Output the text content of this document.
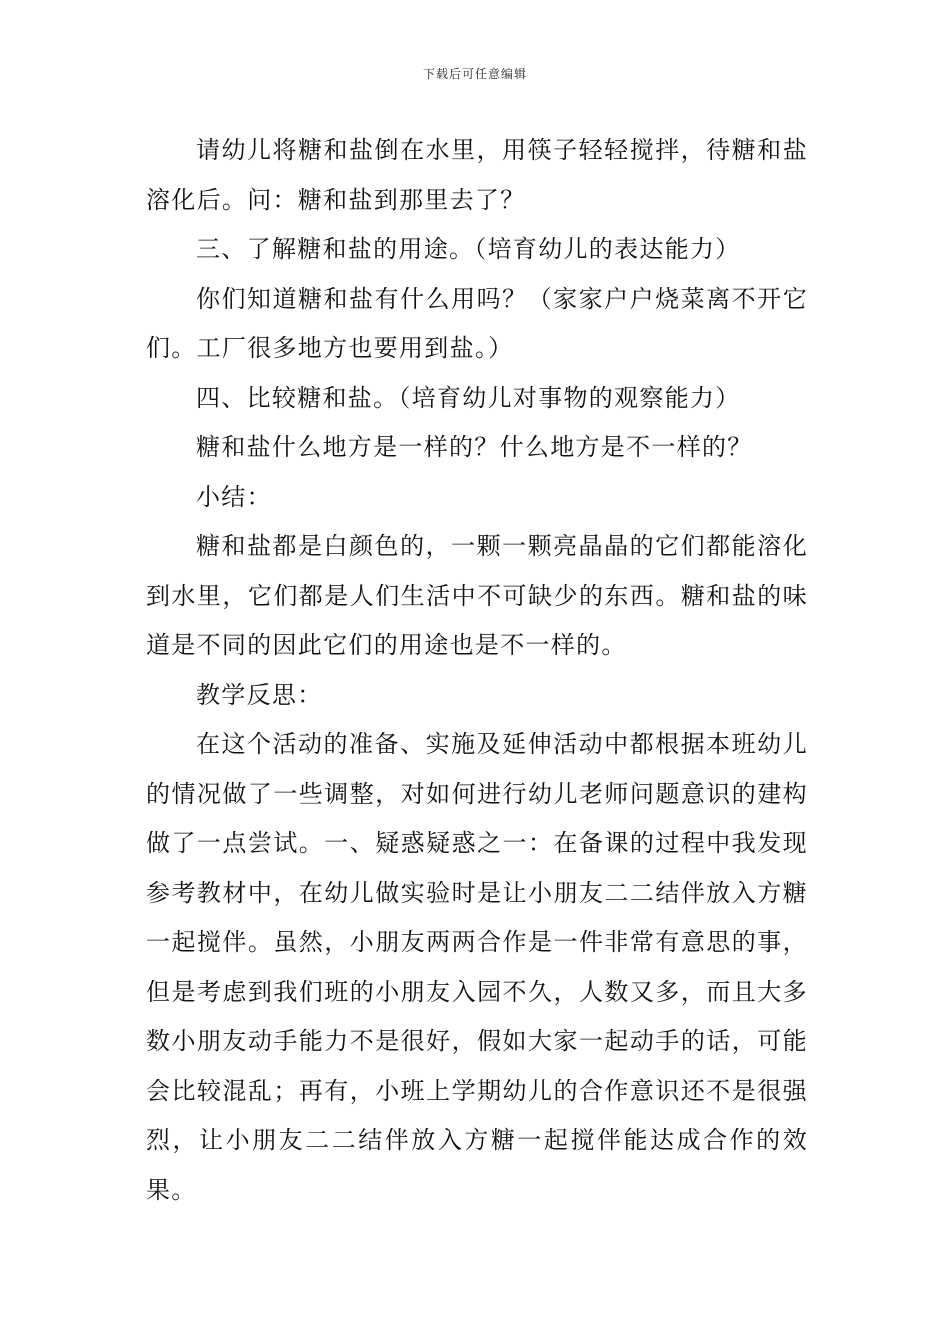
下载后可任意编辑

请幼儿将糖和盐倒在水里，用筷子轻轻搅拌，待糖和盐溶化后。问：糖和盐到那里去了？

三、了解糖和盐的用途。（培育幼儿的表达能力）

你们知道糖和盐有什么用吗？（家家户户烧菜离不开它们。工厂很多地方也要用到盐。）

四、比较糖和盐。（培育幼儿对事物的观察能力）

糖和盐什么地方是一样的？什么地方是不一样的？

小结：

糖和盐都是白颜色的，一颗一颗亮晶晶的它们都能溶化到水里，它们都是人们生活中不可缺少的东西。糖和盐的味道是不同的因此它们的用途也是不一样的。

教学反思：

在这个活动的准备、实施及延伸活动中都根据本班幼儿的情况做了一些调整，对如何进行幼儿老师问题意识的建构做了一点尝试。一、疑惑疑惑之一：在备课的过程中我发现参考教材中，在幼儿做实验时是让小朋友二二结伴放入方糖一起搅伴。虽然，小朋友两两合作是一件非常有意思的事，但是考虑到我们班的小朋友入园不久，人数又多，而且大多数小朋友动手能力不是很好，假如大家一起动手的话，可能会比较混乱；再有，小班上学期幼儿的合作意识还不是很强烈，让小朋友二二结伴放入方糖一起搅伴能达成合作的效果。
